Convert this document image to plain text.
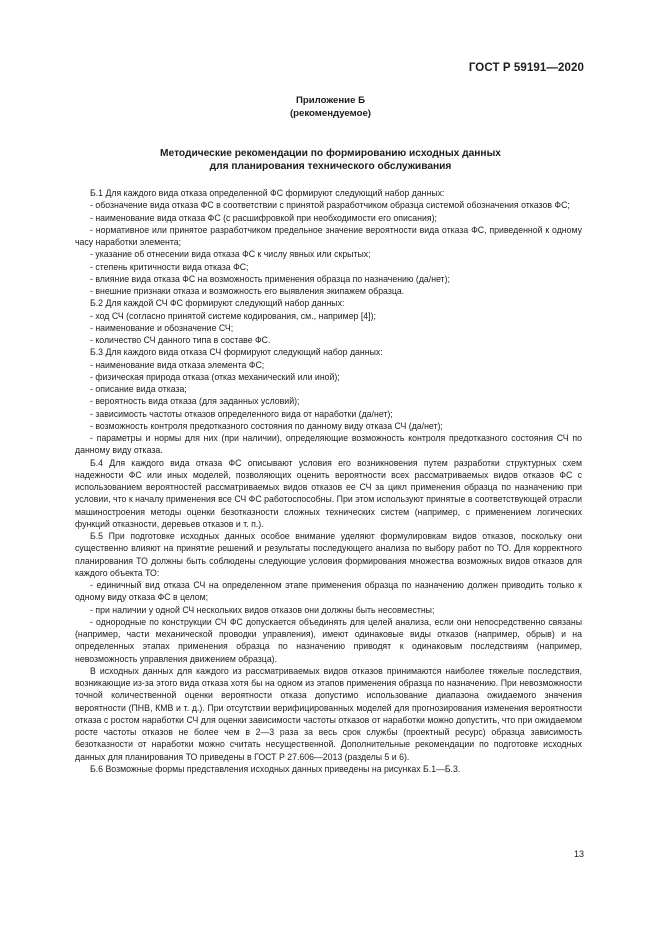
ГОСТ Р 59191—2020
Приложение Б
(рекомендуемое)
Методические рекомендации по формированию исходных данных
для планирования технического обслуживания

Б.1 Для каждого вида отказа определенной ФС формируют следующий набор данных:

- обозначение вида отказа ФС в соответствии с принятой разработчиком образца системой обозначения отказов ФС;

- наименование вида отказа ФС (с расшифровкой при необходимости его описания);

- нормативное или принятое разработчиком предельное значение вероятности вида отказа ФС, приведенной к одному часу наработки элемента;

- указание об отнесении вида отказа ФС к числу явных или скрытых;

- степень критичности вида отказа ФС;

- влияние вида отказа ФС на возможность применения образца по назначению (да/нет);

- внешние признаки отказа и возможность его выявления экипажем образца.

Б.2 Для каждой СЧ ФС формируют следующий набор данных:

- ход СЧ (согласно принятой системе кодирования, см., например [4]);

- наименование и обозначение СЧ;

- количество СЧ данного типа в составе ФС.

Б.3 Для каждого вида отказа СЧ формируют следующий набор данных:

- наименование вида отказа элемента ФС;

- физическая природа отказа (отказ механический или иной);

- описание вида отказа;

- вероятность вида отказа (для заданных условий);

- зависимость частоты отказов определенного вида от наработки (да/нет);

- возможность контроля предотказного состояния по данному виду отказа СЧ (да/нет);

- параметры и нормы для них (при наличии), определяющие возможность контроля предотказного состояния СЧ по данному виду отказа.

Б.4 Для каждого вида отказа ФС описывают условия его возникновения путем разработки структурных схем надежности ФС или иных моделей, позволяющих оценить вероятности всех рассматриваемых видов отказов ФС с использованием вероятностей рассматриваемых видов отказов ее СЧ за цикл применения образца по назначению при условии, что к началу применения все СЧ ФС работоспособны. При этом используют принятые в соответствующей отрасли машиностроения методы оценки безотказности сложных технических систем (например, с применением логических функций отказности, деревьев отказов и т. п.).

Б.5 При подготовке исходных данных особое внимание уделяют формулировкам видов отказов, поскольку они существенно влияют на принятие решений и результаты последующего анализа по выбору работ по ТО. Для корректного планирования ТО должны быть соблюдены следующие условия формирования множества возможных видов отказов для каждого объекта ТО:

- единичный вид отказа СЧ на определенном этапе применения образца по назначению должен приводить только к одному виду отказа ФС в целом;

- при наличии у одной СЧ нескольких видов отказов они должны быть несовместны;

- однородные по конструкции СЧ ФС допускается объединять для целей анализа, если они непосредственно связаны (например, части механической проводки управления), имеют одинаковые виды отказов (например, обрыв) и на определенных этапах применения образца по назначению приводят к одинаковым последствиям (например, невозможность управления движением образца).

В исходных данных для каждого из рассматриваемых видов отказов принимаются наиболее тяжелые последствия, возникающие из-за этого вида отказа хотя бы на одном из этапов применения образца по назначению. При невозможности точной количественной оценки вероятности отказа допустимо использование диапазона ожидаемого значения вероятности (ПНВ, КМВ и т. д.). При отсутствии верифицированных моделей для прогнозирования изменения вероятности отказа с ростом наработки СЧ для оценки зависимости частоты отказов от наработки можно допустить, что при ожидаемом росте частоты отказов не более чем в 2—3 раза за весь срок службы (проектный ресурс) образца зависимость безотказности от наработки можно считать несущественной. Дополнительные рекомендации по подготовке исходных данных для планирования ТО приведены в ГОСТ Р 27.606—2013 (разделы 5 и 6).

Б.6 Возможные формы представления исходных данных приведены на рисунках Б.1—Б.3.

13
